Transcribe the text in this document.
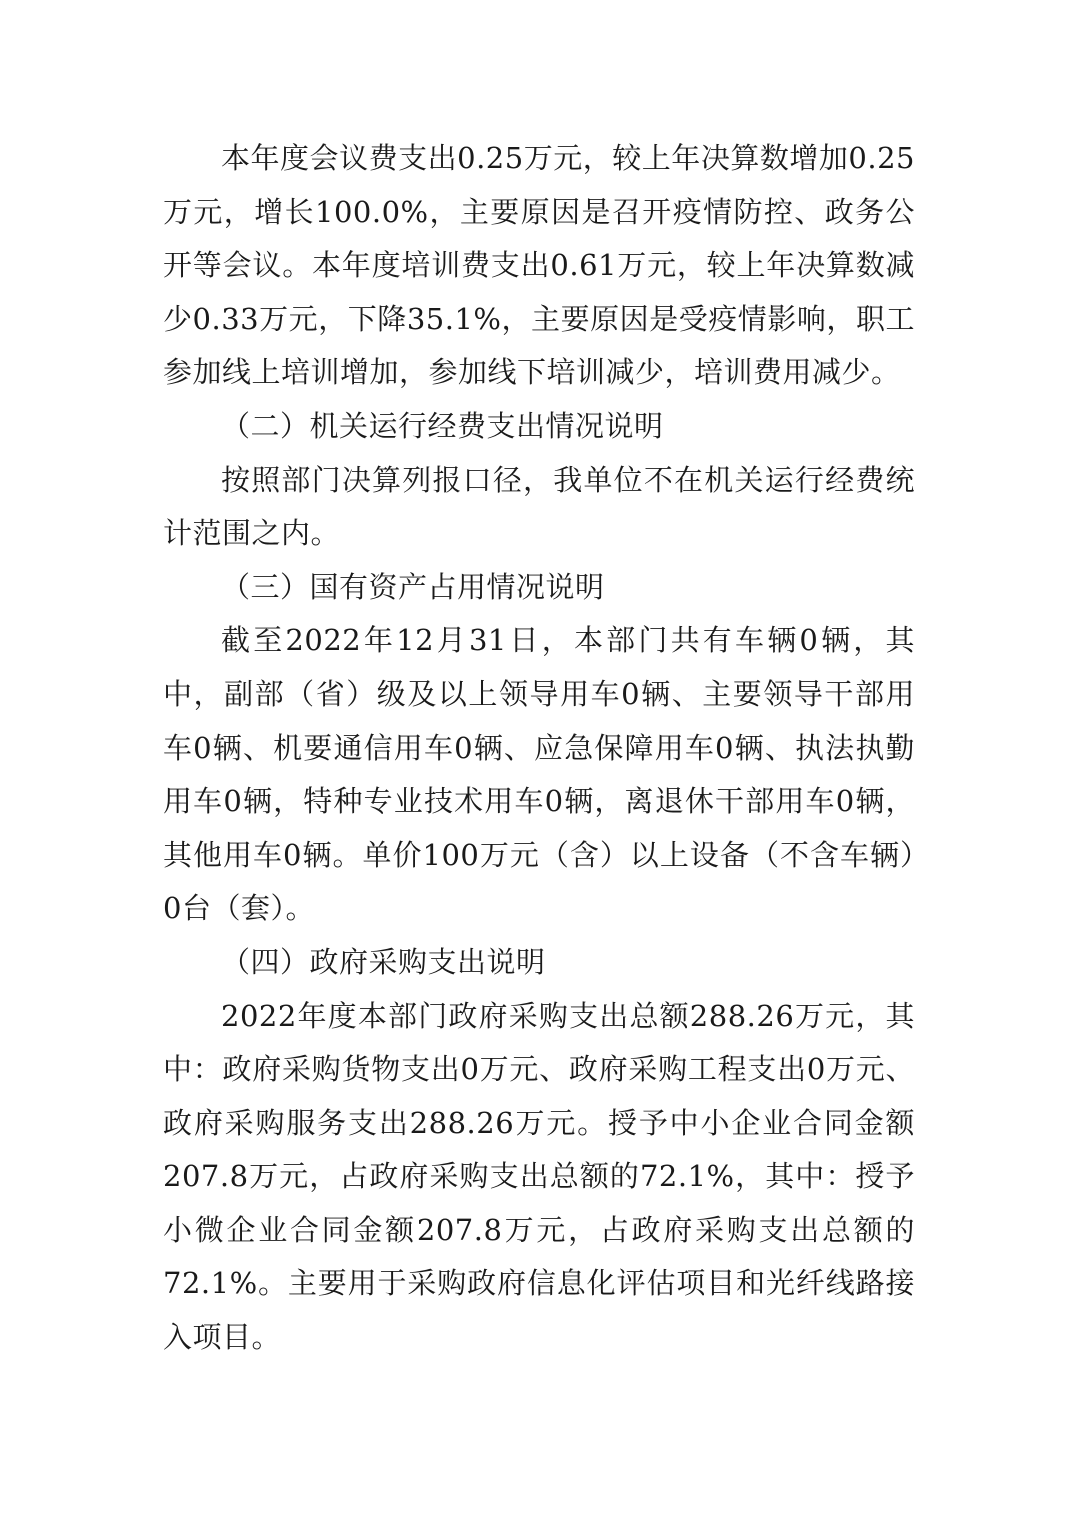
本年度会议费支出0.25万元，较上年决算数增加0.25万元，增长100.0%，主要原因是召开疫情防控、政务公开等会议。本年度培训费支出0.61万元，较上年决算数减少0.33万元，下降35.1%，主要原因是受疫情影响，职工参加线上培训增加，参加线下培训减少，培训费用减少。

（二）机关运行经费支出情况说明

按照部门决算列报口径，我单位不在机关运行经费统计范围之内。

（三）国有资产占用情况说明

截至2022年12月31日，本部门共有车辆0辆，其中，副部（省）级及以上领导用车0辆、主要领导干部用车0辆、机要通信用车0辆、应急保障用车0辆、执法执勤用车0辆，特种专业技术用车0辆，离退休干部用车0辆，其他用车0辆。单价100万元（含）以上设备（不含车辆）0台（套）。

（四）政府采购支出说明

2022年度本部门政府采购支出总额288.26万元，其中：政府采购货物支出0万元、政府采购工程支出0万元、政府采购服务支出288.26万元。授予中小企业合同金额207.8万元，占政府采购支出总额的72.1%，其中：授予小微企业合同金额207.8万元，占政府采购支出总额的72.1%。主要用于采购政府信息化评估项目和光纤线路接入项目。
